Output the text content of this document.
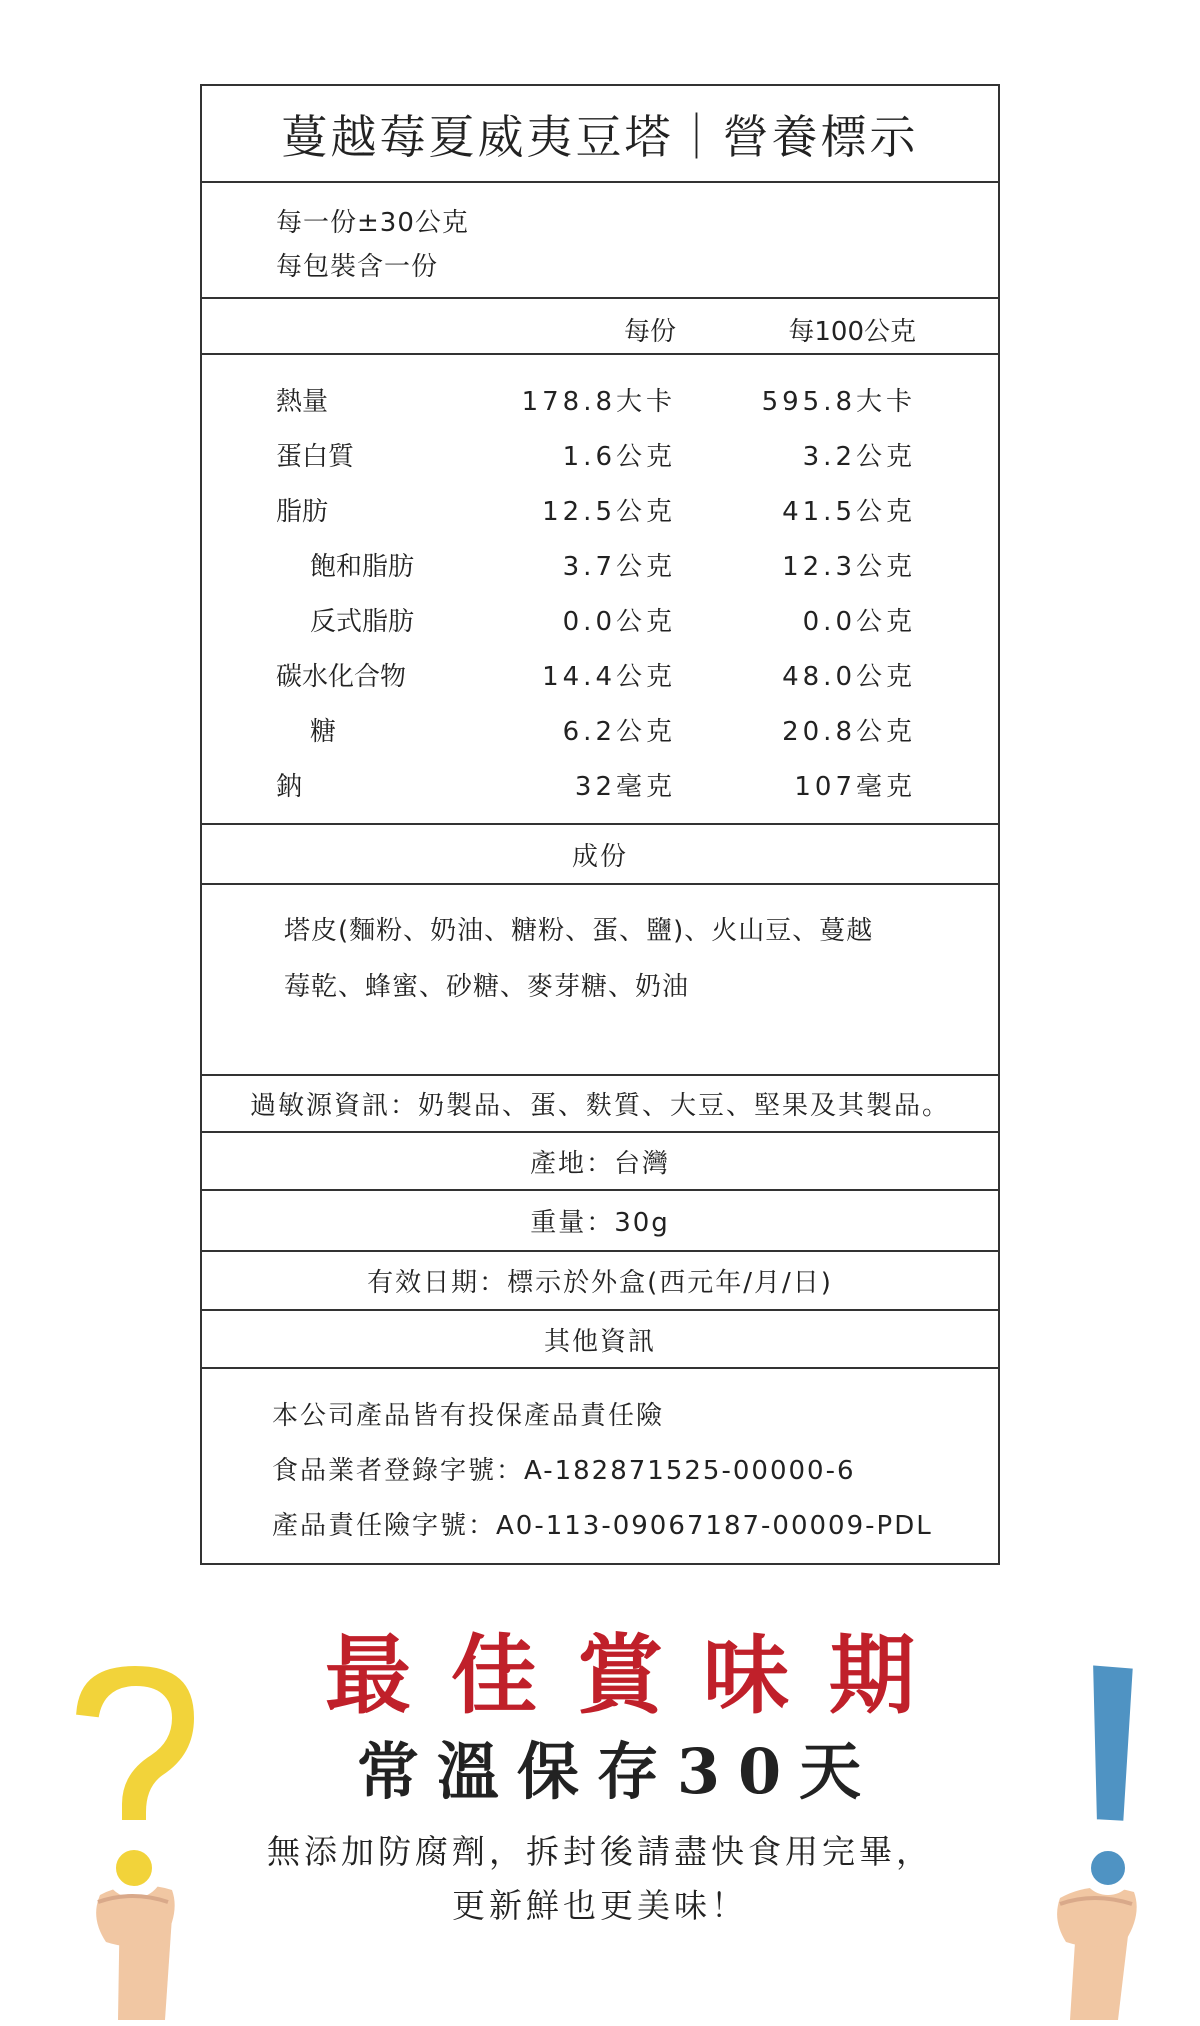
蔓越莓夏威夷豆塔｜營養標示
每一份±30公克
每包裝含一份
每份	每100公克
熱量	178.8大卡	595.8大卡
蛋白質	1.6公克	3.2公克
脂肪	12.5公克	41.5公克
飽和脂肪	3.7公克	12.3公克
反式脂肪	0.0公克	0.0公克
碳水化合物	14.4公克	48.0公克
糖	6.2公克	20.8公克
鈉	32毫克	107毫克
成份
塔皮(麵粉、奶油、糖粉、蛋、鹽)、火山豆、蔓越
莓乾、蜂蜜、砂糖、麥芽糖、奶油
過敏源資訊：奶製品、蛋、麩質、大豆、堅果及其製品。
產地：台灣
重量：30g
有效日期：標示於外盒(西元年/月/日)
其他資訊
本公司產品皆有投保產品責任險
食品業者登錄字號：A-182871525-00000-6
產品責任險字號：A0-113-09067187-00009-PDL
最佳賞味期
常溫保存30天
無添加防腐劑，拆封後請盡快食用完畢，
更新鮮也更美味！
